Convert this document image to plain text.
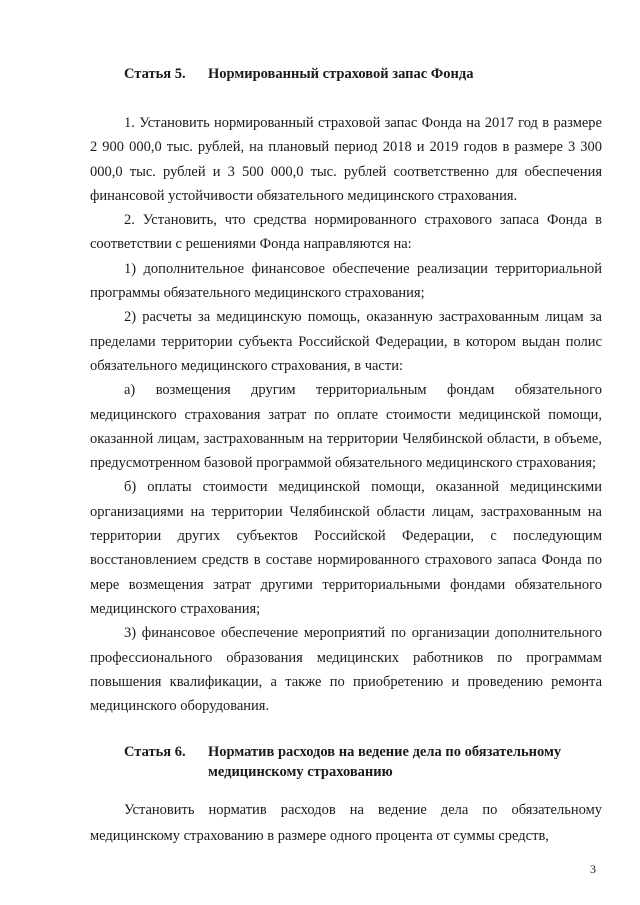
Статья 5.	Нормированный страховой запас Фонда

1. Установить нормированный страховой запас Фонда на 2017 год в размере 2 900 000,0 тыс. рублей, на плановый период 2018 и 2019 годов в размере 3 300 000,0 тыс. рублей и 3 500 000,0 тыс. рублей соответственно для обеспечения финансовой устойчивости обязательного медицинского страхования.

2. Установить, что средства нормированного страхового запаса Фонда в соответствии с решениями Фонда направляются на:

1) дополнительное финансовое обеспечение реализации территориальной программы обязательного медицинского страхования;

2) расчеты за медицинскую помощь, оказанную застрахованным лицам за пределами территории субъекта Российской Федерации, в котором выдан полис обязательного медицинского страхования, в части:

а) возмещения другим территориальным фондам обязательного медицинского страхования затрат по оплате стоимости медицинской помощи, оказанной лицам, застрахованным на территории Челябинской области, в объеме, предусмотренном базовой программой обязательного медицинского страхования;

б) оплаты стоимости медицинской помощи, оказанной медицинскими организациями на территории Челябинской области лицам, застрахованным на территории других субъектов Российской Федерации, с последующим восстановлением средств в составе нормированного страхового запаса Фонда по мере возмещения затрат другими территориальными фондами обязательного медицинского страхования;

3) финансовое обеспечение мероприятий по организации дополнительного профессионального образования медицинских работников по программам повышения квалификации, а также по приобретению и проведению ремонта медицинского оборудования.

Статья 6.	Норматив расходов на ведение дела по обязательному медицинскому страхованию

Установить норматив расходов на ведение дела по обязательному медицинскому страхованию в размере одного процента от суммы средств,

3
